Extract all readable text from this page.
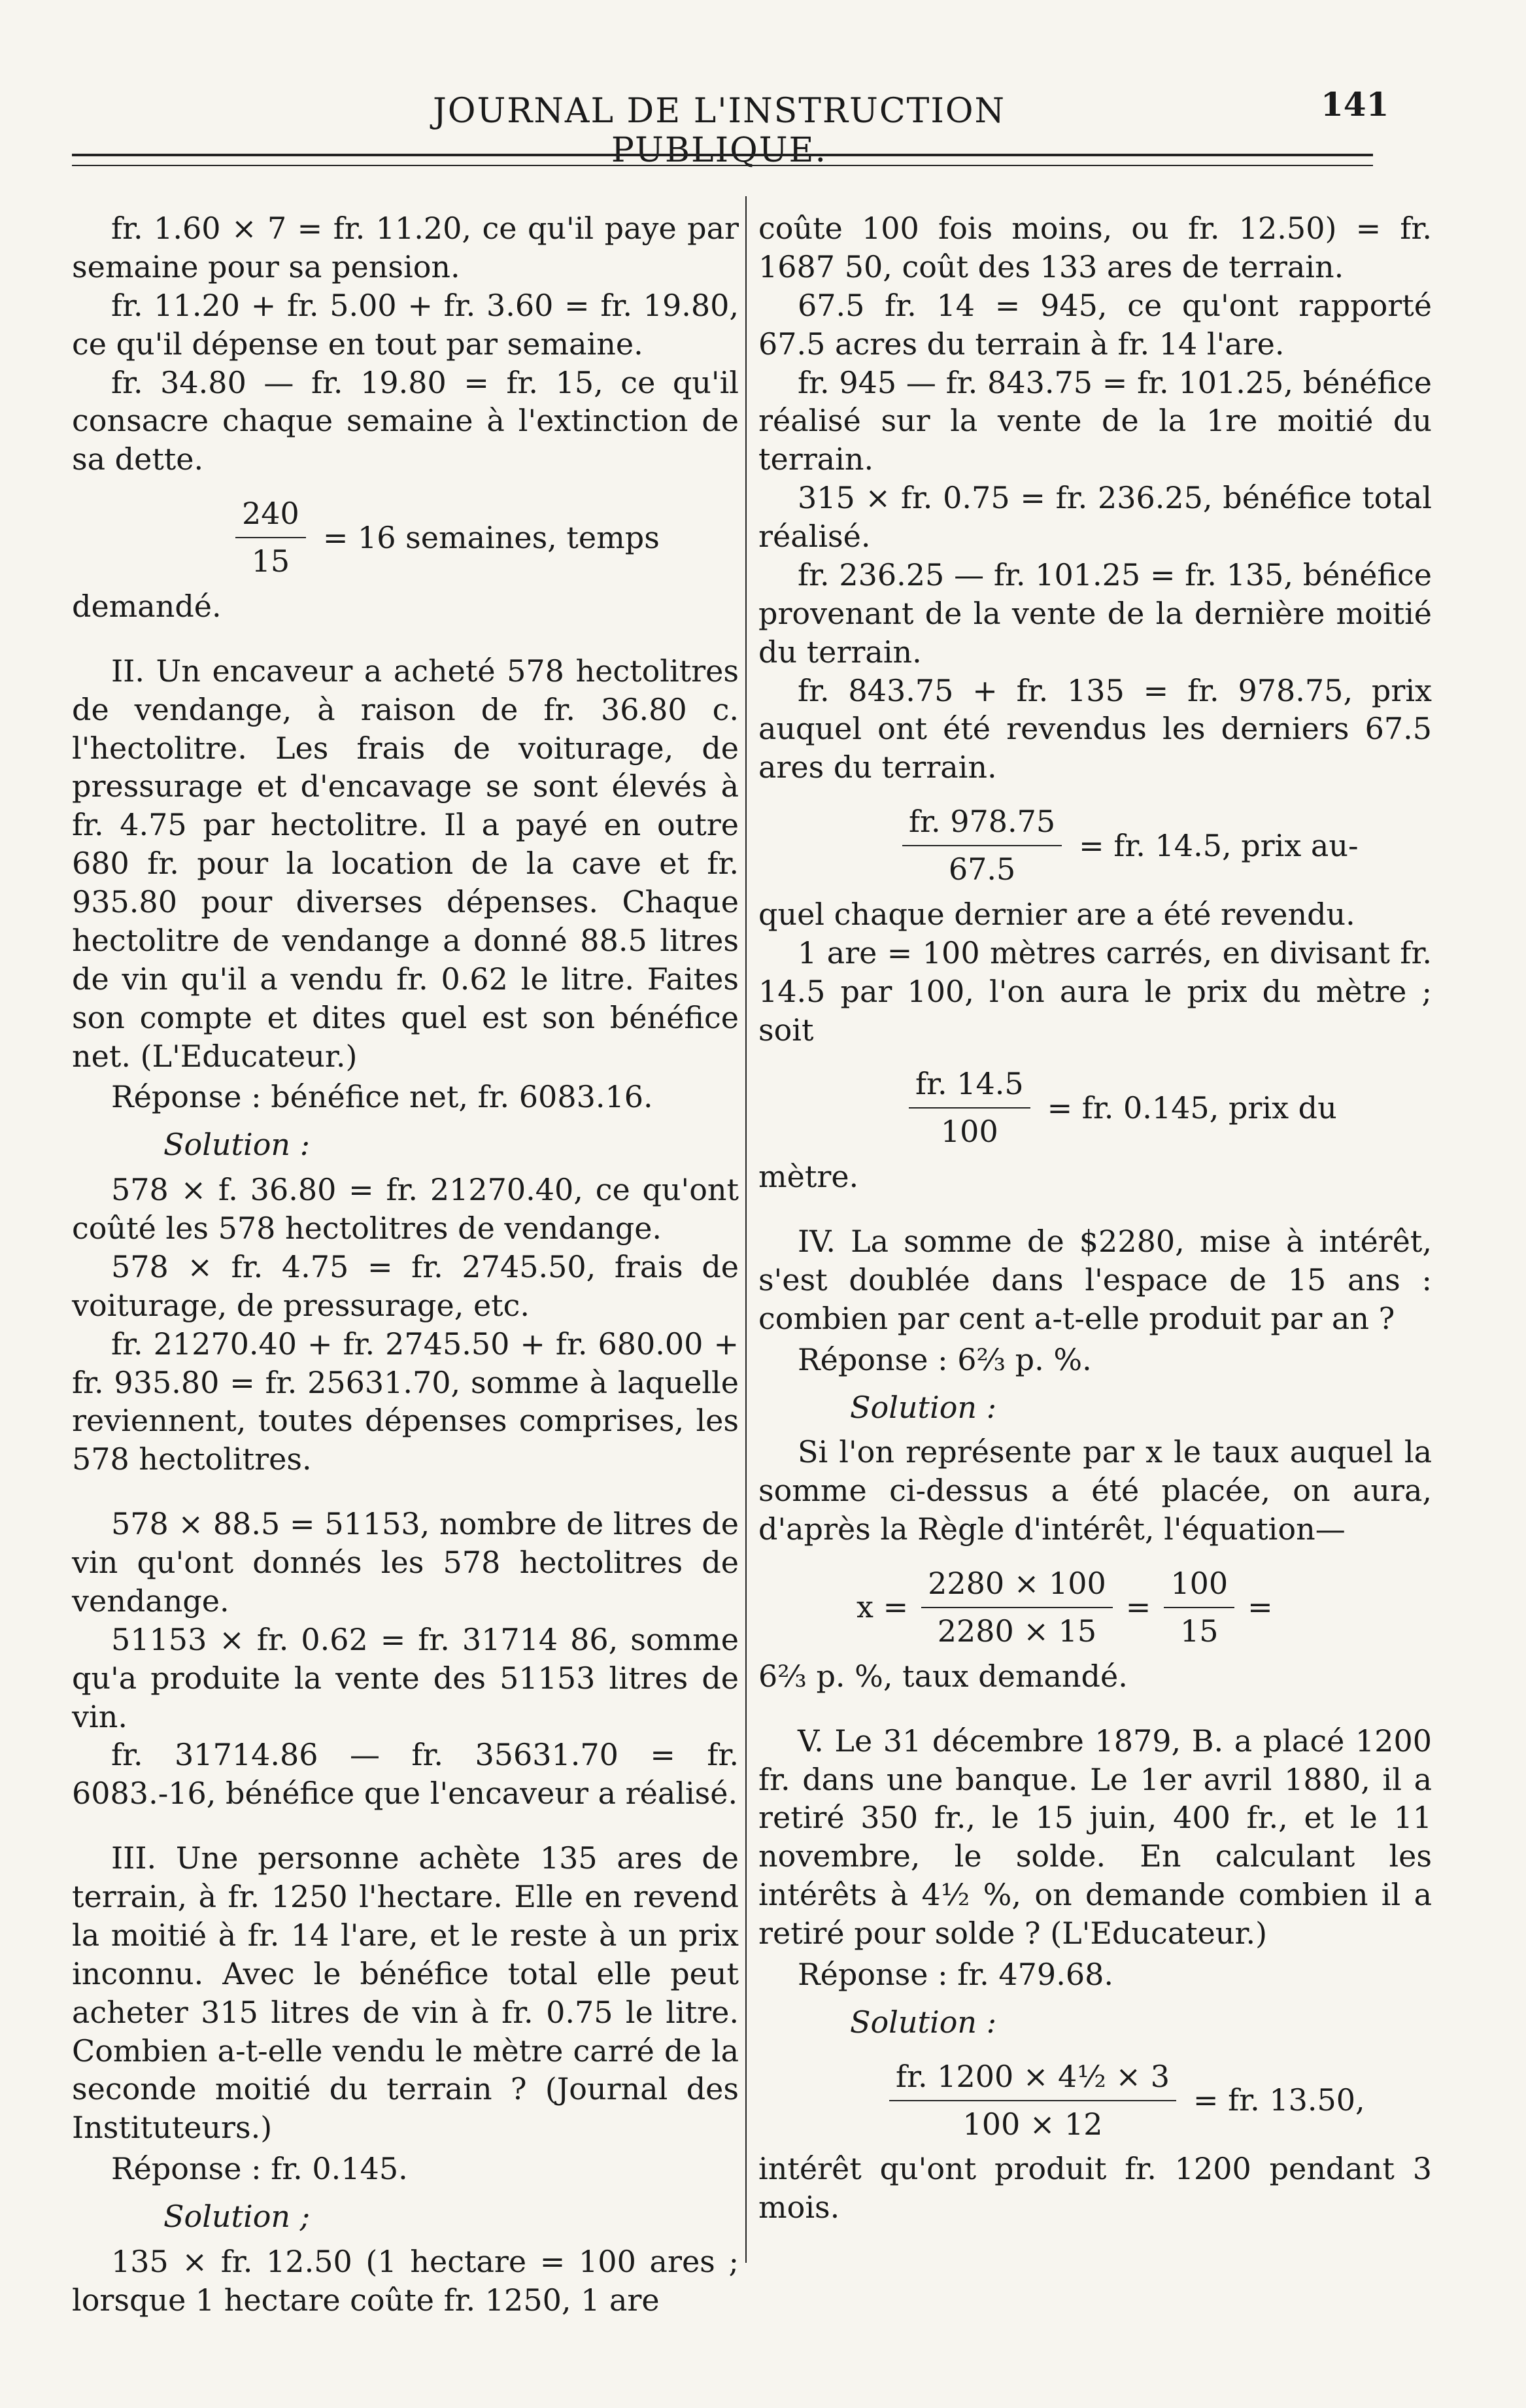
JOURNAL DE L'INSTRUCTION PUBLIQUE.
141

fr. 1.60 × 7 = fr. 11.20, ce qu'il paye par semaine pour sa pension.

fr. 11.20 + fr. 5.00 + fr. 3.60 = fr. 19.80, ce qu'il dépense en tout par semaine.

fr. 34.80 — fr. 19.80 = fr. 15, ce qu'il consacre chaque semaine à l'extinction de sa dette.

$\frac{240}{15} = 16$ semaines, temps

demandé.

II. Un encaveur a acheté 578 hectolitres de vendange, à raison de fr. 36.80 c. l'hectolitre. Les frais de voiturage, de pressurage et d'encavage se sont élevés à fr. 4.75 par hectolitre. Il a payé en outre 680 fr. pour la location de la cave et fr. 935.80 pour diverses dépenses. Chaque hectolitre de vendange a donné 88.5 litres de vin qu'il a vendu fr. 0.62 le litre. Faites son compte et dites quel est son bénéfice net. (L'Educateur.)

Réponse : bénéfice net, fr. 6083.16.

Solution :

578 × f. 36.80 = fr. 21270.40, ce qu'ont coûté les 578 hectolitres de vendange.

578 × fr. 4.75 = fr. 2745.50, frais de voiturage, de pressurage, etc.

fr. 21270.40 + fr. 2745.50 + fr. 680.00 + fr. 935.80 = fr. 25631.70, somme à laquelle reviennent, toutes dépenses comprises, les 578 hectolitres.

578 × 88.5 = 51153, nombre de litres de vin qu'ont donnés les 578 hectolitres de vendange.

51153 × fr. 0.62 = fr. 31714 86, somme qu'a produite la vente des 51153 litres de vin.

fr. 31714.86 — fr. 35631.70 = fr. 6083.-16, bénéfice que l'encaveur a réalisé.

III. Une personne achète 135 ares de terrain, à fr. 1250 l'hectare. Elle en revend la moitié à fr. 14 l'are, et le reste à un prix inconnu. Avec le bénéfice total elle peut acheter 315 litres de vin à fr. 0.75 le litre. Combien a-t-elle vendu le mètre carré de la seconde moitié du terrain ? (Journal des Instituteurs.)

Réponse : fr. 0.145.

Solution ;

135 × fr. 12.50 (1 hectare = 100 ares ; lorsque 1 hectare coûte fr. 1250, 1 are

coûte 100 fois moins, ou fr. 12.50) = fr. 1687 50, coût des 133 ares de terrain.

67.5 fr. 14 = 945, ce qu'ont rapporté 67.5 acres du terrain à fr. 14 l'are.

fr. 945 — fr. 843.75 = fr. 101.25, bénéfice réalisé sur la vente de la 1re moitié du terrain.

315 × fr. 0.75 = fr. 236.25, bénéfice total réalisé.

fr. 236.25 — fr. 101.25 = fr. 135, bénéfice provenant de la vente de la dernière moitié du terrain.

fr. 843.75 + fr. 135 = fr. 978.75, prix auquel ont été revendus les derniers 67.5 ares du terrain.

$\frac{fr. 978.75}{67.5}$ = fr. 14.5, prix au-

quel chaque dernier are a été revendu.

1 are = 100 mètres carrés, en divisant fr. 14.5 par 100, l'on aura le prix du mètre ; soit

$\frac{fr. 14.5}{100}$ = fr. 0.145, prix du

mètre.

IV. La somme de $2280, mise à intérêt, s'est doublée dans l'espace de 15 ans : combien par cent a-t-elle produit par an ?

Réponse : 6⅔ p. %.

Solution :

Si l'on représente par x le taux auquel la somme ci-dessus a été placée, on aura, d'après la Règle d'intérêt, l'équation—

$x = \frac{2280 \times 100}{2280 \times 15} = \frac{100}{15}$ =

6⅔ p. %, taux demandé.

V. Le 31 décembre 1879, B. a placé 1200 fr. dans une banque. Le 1er avril 1880, il a retiré 350 fr., le 15 juin, 400 fr., et le 11 novembre, le solde. En calculant les intérêts à 4½ %, on demande combien il a retiré pour solde ? (L'Educateur.)

Réponse : fr. 479.68.

Solution :

$\frac{\text{fr. 1200 × 4½ × 3}}{100 \times 12}$ = fr. 13.50,

intérêt qu'ont produit fr. 1200 pendant 3 mois.
